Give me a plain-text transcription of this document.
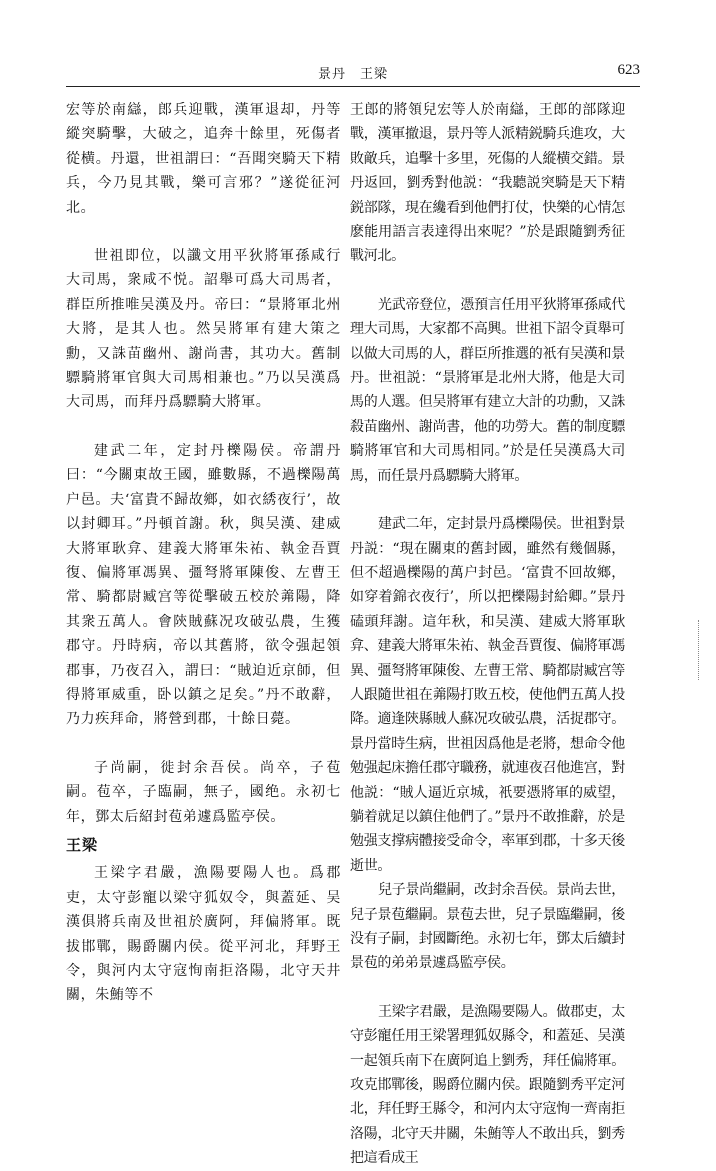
景丹　王梁	623

宏等於南䜌，郎兵迎戰，漢軍退却，丹等縱突騎擊，大破之，追奔十餘里，死傷者從横。丹還，世祖謂曰：“吾聞突騎天下精兵，今乃見其戰，樂可言邪？”遂從征河北。

世祖即位，以讖文用平狄將軍孫咸行大司馬，衆咸不悦。詔舉可爲大司馬者，群臣所推唯吴漢及丹。帝曰：“景將軍北州大將，是其人也。然吴將軍有建大策之勳，又誅苗幽州、謝尚書，其功大。舊制驃騎將軍官與大司馬相兼也。”乃以吴漢爲大司馬，而拜丹爲驃騎大將軍。

建武二年，定封丹櫟陽侯。帝謂丹曰：“今關東故王國，雖數縣，不過櫟陽萬户邑。夫‘富貴不歸故鄉，如衣綉夜行’，故以封卿耳。”丹頓首謝。秋，與吴漢、建威大將軍耿弇、建義大將軍朱祐、執金吾賈復、偏將軍馮異、彊弩將軍陳俊、左曹王常、騎都尉臧宫等從擊破五校於羛陽，降其衆五萬人。會陝賊蘇况攻破弘農，生獲郡守。丹時病，帝以其舊將，欲令强起領郡事，乃夜召入，謂曰：“賊迫近京師，但得將軍威重，卧以鎮之足矣。”丹不敢辭，乃力疾拜命，將營到郡，十餘日薨。

子尚嗣，徙封余吾侯。尚卒，子苞嗣。苞卒，子臨嗣，無子，國绝。永初七年，鄧太后紹封苞弟遽爲監亭侯。

王梁

王梁字君嚴，漁陽要陽人也。爲郡吏，太守彭寵以梁守狐奴令，與蓋延、吴漢俱將兵南及世祖於廣阿，拜偏將軍。既拔邯鄲，賜爵關内侯。從平河北，拜野王令，與河内太守寇恂南拒洛陽，北守天井關，朱鮪等不

王郎的將領兒宏等人於南䜌，王郎的部隊迎戰，漢軍撤退，景丹等人派精鋭騎兵進攻，大敗敵兵，追擊十多里，死傷的人縱横交錯。景丹返回，劉秀對他説：“我聽説突騎是天下精鋭部隊，現在纔看到他們打仗，快樂的心情怎麽能用語言表達得出來呢？”於是跟隨劉秀征戰河北。

光武帝登位，憑預言任用平狄將軍孫咸代理大司馬，大家都不高興。世祖下詔令貢舉可以做大司馬的人，群臣所推選的衹有吴漢和景丹。世祖説：“景將軍是北州大將，他是大司馬的人選。但吴將軍有建立大計的功勳，又誅殺苗幽州、謝尚書，他的功勞大。舊的制度驃騎將軍官和大司馬相同。”於是任吴漢爲大司馬，而任景丹爲驃騎大將軍。

建武二年，定封景丹爲櫟陽侯。世祖對景丹説：“現在關東的舊封國，雖然有幾個縣，但不超過櫟陽的萬户封邑。‘富貴不回故鄉，如穿着錦衣夜行’，所以把櫟陽封給卿。”景丹磕頭拜謝。這年秋，和吴漢、建威大將軍耿弇、建義大將軍朱祐、執金吾賈復、偏將軍馮異、彊弩將軍陳俊、左曹王常、騎都尉臧宫等人跟隨世祖在羛陽打敗五校，使他們五萬人投降。適逢陝縣賊人蘇况攻破弘農，活捉郡守。景丹當時生病，世祖因爲他是老將，想命令他勉强起床擔任郡守職務，就連夜召他進宫，對他説：“賊人逼近京城，衹要憑將軍的威望，躺着就足以鎮住他們了。”景丹不敢推辭，於是勉强支撑病體接受命令，率軍到郡，十多天後逝世。

兒子景尚繼嗣，改封余吾侯。景尚去世，兒子景苞繼嗣。景苞去世，兒子景臨繼嗣，後没有子嗣，封國斷绝。永初七年，鄧太后續封景苞的弟弟景遽爲監亭侯。

王梁字君嚴，是漁陽要陽人。做郡吏，太守彭寵任用王梁署理狐奴縣令，和蓋延、吴漢一起領兵南下在廣阿追上劉秀，拜任偏將軍。攻克邯鄲後，賜爵位關内侯。跟隨劉秀平定河北，拜任野王縣令，和河内太守寇恂一齊南拒洛陽，北守天井關，朱鮪等人不敢出兵，劉秀把這看成王
